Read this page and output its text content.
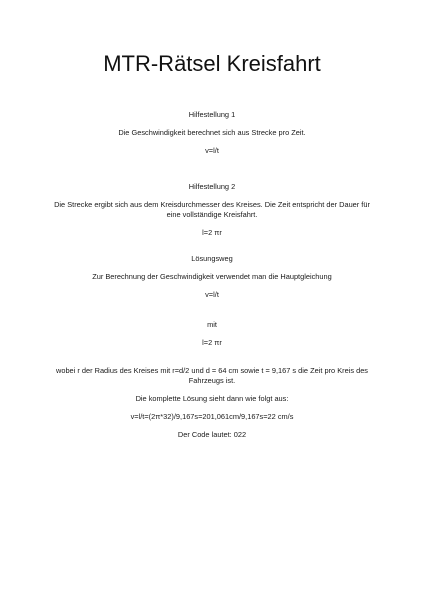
MTR-Rätsel Kreisfahrt

Hilfestellung 1

Die Geschwindigkeit berechnet sich aus Strecke pro Zeit.

v=l/t

Hilfestellung 2

Die Strecke ergibt sich aus dem Kreisdurchmesser des Kreises. Die Zeit entspricht der Dauer für eine vollständige Kreisfahrt.

l=2 πr

Lösungsweg

Zur Berechnung der Geschwindigkeit verwendet man die Hauptgleichung

v=l/t

mit

l=2 πr

wobei r der Radius des Kreises mit r=d/2 und d = 64 cm sowie t = 9,167 s die Zeit pro Kreis des Fahrzeugs ist.

Die komplette Lösung sieht dann wie folgt aus:

v=l/t=(2π*32)/9,167s=201,061cm/9,167s=22 cm/s

Der Code lautet: 022
